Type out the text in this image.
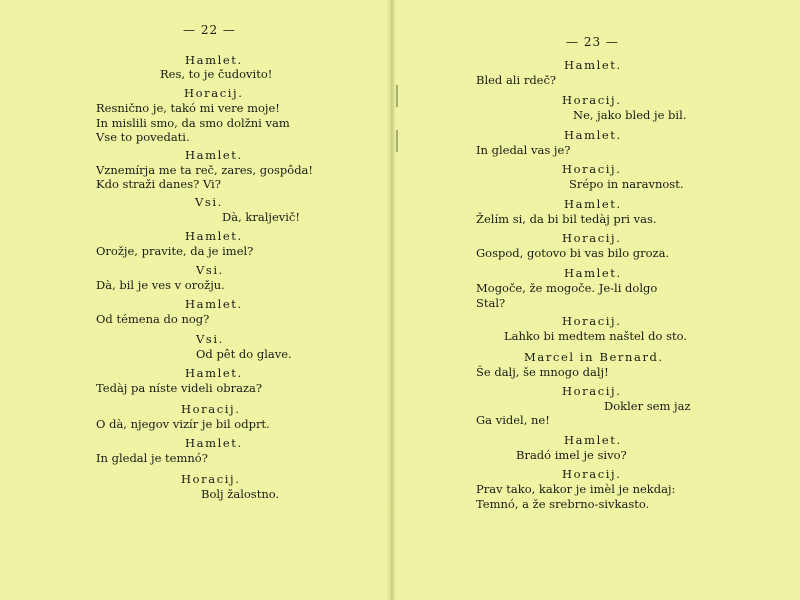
— 22 —
Hamlet.
Res, to je čudovito!
Horacij.
Resnično je, takó mi vere moje!
In mislili smo, da smo dolžni vam
Vse to povedati.
Hamlet.
Vznemírja me ta reč, zares, gospôda!
Kdo straži danes? Vi?
Vsi.
Dà, kraljevič!
Hamlet.
Orožje, pravite, da je imel?
Vsi.
Dà, bil je ves v orožju.
Hamlet.
Od témena do nog?
Vsi.
Od pêt do glave.
Hamlet.
Tedàj pa níste videli obraza?
Horacij.
O dà, njegov vizír je bil odprt.
Hamlet.
In gledal je temnó?
Horacij.
Bolj žalostno.
— 23 —
Hamlet.
Bled ali rdeč?
Horacij.
Ne, jako bled je bil.
Hamlet.
In gledal vas je?
Horacij.
Srépo in naravnost.
Hamlet.
Želím si, da bi bil tedàj pri vas.
Horacij.
Gospod, gotovo bi vas bilo groza.
Hamlet.
Mogoče, že mogoče. Je-li dolgo
Stal?
Horacij.
Lahko bi medtem naštel do sto.
Marcel in Bernard.
Še dalj, še mnogo dalj!
Horacij.
Dokler sem jaz
Ga videl, ne!
Hamlet.
Bradó imel je sivo?
Horacij.
Prav tako, kakor je imèl je nekdaj:
Temnó, a že srebrno-sivkasto.
